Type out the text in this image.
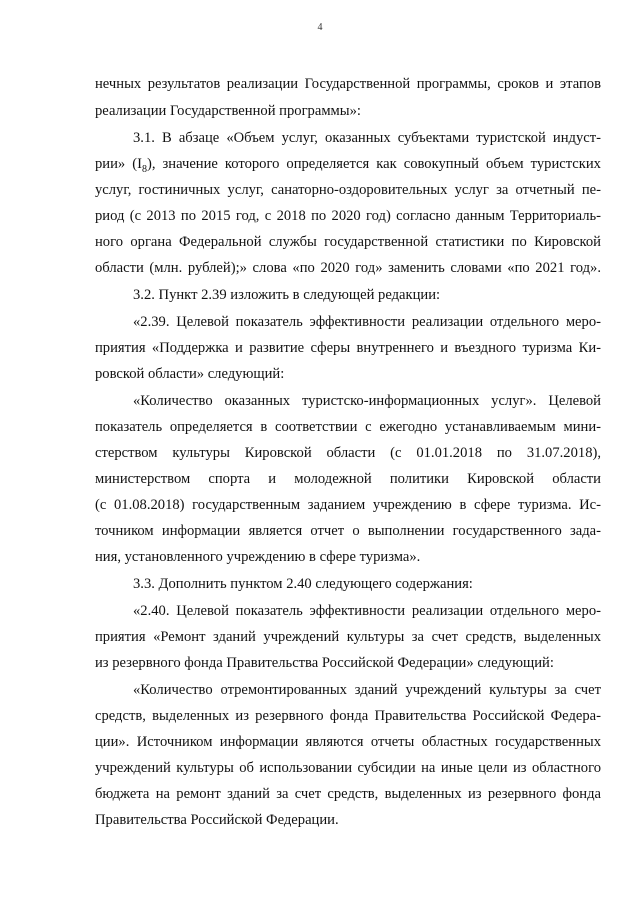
4
нечных результатов реализации Государственной программы, сроков и этапов
реализации Государственной программы»:
3.1. В абзаце «Объем услуг, оказанных субъектами туристской индуст-
рии» $(I_8)$, значение которого определяется как совокупный объем туристских
услуг, гостиничных услуг, санаторно-оздоровительных услуг за отчетный пе-
риод (с 2013 по 2015 год, с 2018 по 2020 год) согласно данным Территориаль-
ного органа Федеральной службы государственной статистики по Кировской
области (млн. рублей);» слова «по 2020 год» заменить словами «по 2021 год».
3.2. Пункт 2.39 изложить в следующей редакции:
«2.39. Целевой показатель эффективности реализации отдельного меро-
приятия «Поддержка и развитие сферы внутреннего и въездного туризма Ки-
ровской области» следующий:
«Количество оказанных туристско-информационных услуг». Целевой
показатель определяется в соответствии с ежегодно устанавливаемым мини-
стерством культуры Кировской области (с 01.01.2018 по 31.07.2018),
министерством спорта и молодежной политики Кировской области
(с 01.08.2018) государственным заданием учреждению в сфере туризма. Ис-
точником информации является отчет о выполнении государственного зада-
ния, установленного учреждению в сфере туризма».
3.3. Дополнить пунктом 2.40 следующего содержания:
«2.40. Целевой показатель эффективности реализации отдельного меро-
приятия «Ремонт зданий учреждений культуры за счет средств, выделенных
из резервного фонда Правительства Российской Федерации» следующий:
«Количество отремонтированных зданий учреждений культуры за счет
средств, выделенных из резервного фонда Правительства Российской Федера-
ции». Источником информации являются отчеты областных государственных
учреждений культуры об использовании субсидии на иные цели из областного
бюджета на ремонт зданий за счет средств, выделенных из резервного фонда
Правительства Российской Федерации.
